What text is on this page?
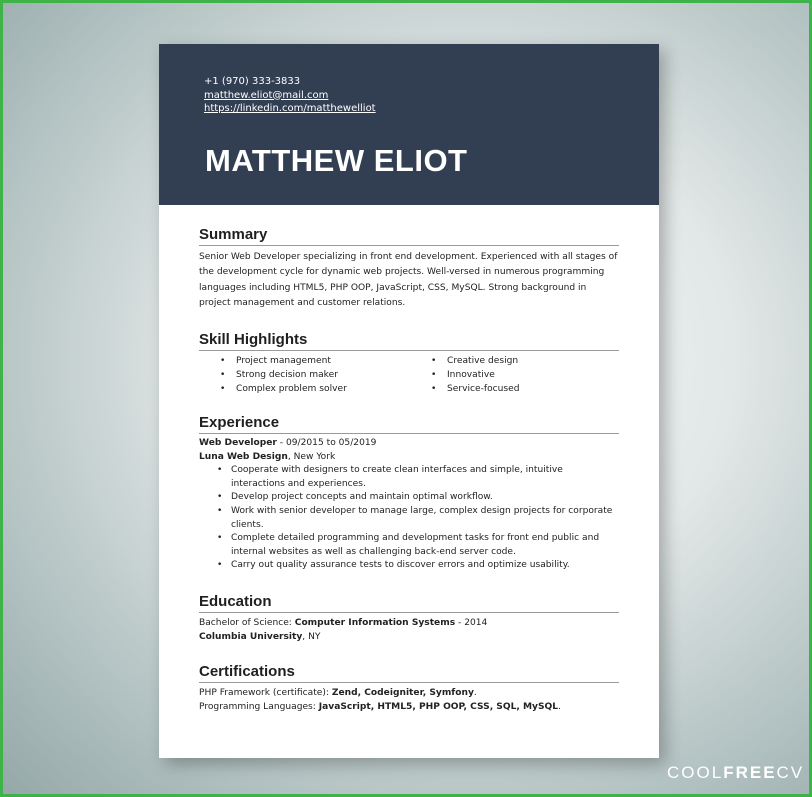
+1 (970) 333-3833
matthew.eliot@mail.com
https://linkedin.com/matthewelliot
MATTHEW ELIOT
Summary
Senior Web Developer specializing in front end development. Experienced with all stages of the development cycle for dynamic web projects. Well-versed in numerous programming languages including HTML5, PHP OOP, JavaScript, CSS, MySQL. Strong background in project management and customer relations.
Skill Highlights
• Project management
• Strong decision maker
• Complex problem solver
• Creative design
• Innovative
• Service-focused
Experience
Web Developer - 09/2015 to 05/2019
Luna Web Design, New York
• Cooperate with designers to create clean interfaces and simple, intuitive interactions and experiences.
• Develop project concepts and maintain optimal workflow.
• Work with senior developer to manage large, complex design projects for corporate clients.
• Complete detailed programming and development tasks for front end public and internal websites as well as challenging back-end server code.
• Carry out quality assurance tests to discover errors and optimize usability.
Education
Bachelor of Science: Computer Information Systems - 2014
Columbia University, NY
Certifications
PHP Framework (certificate): Zend, Codeigniter, Symfony.
Programming Languages: JavaScript, HTML5, PHP OOP, CSS, SQL, MySQL.
COOLFREECV
